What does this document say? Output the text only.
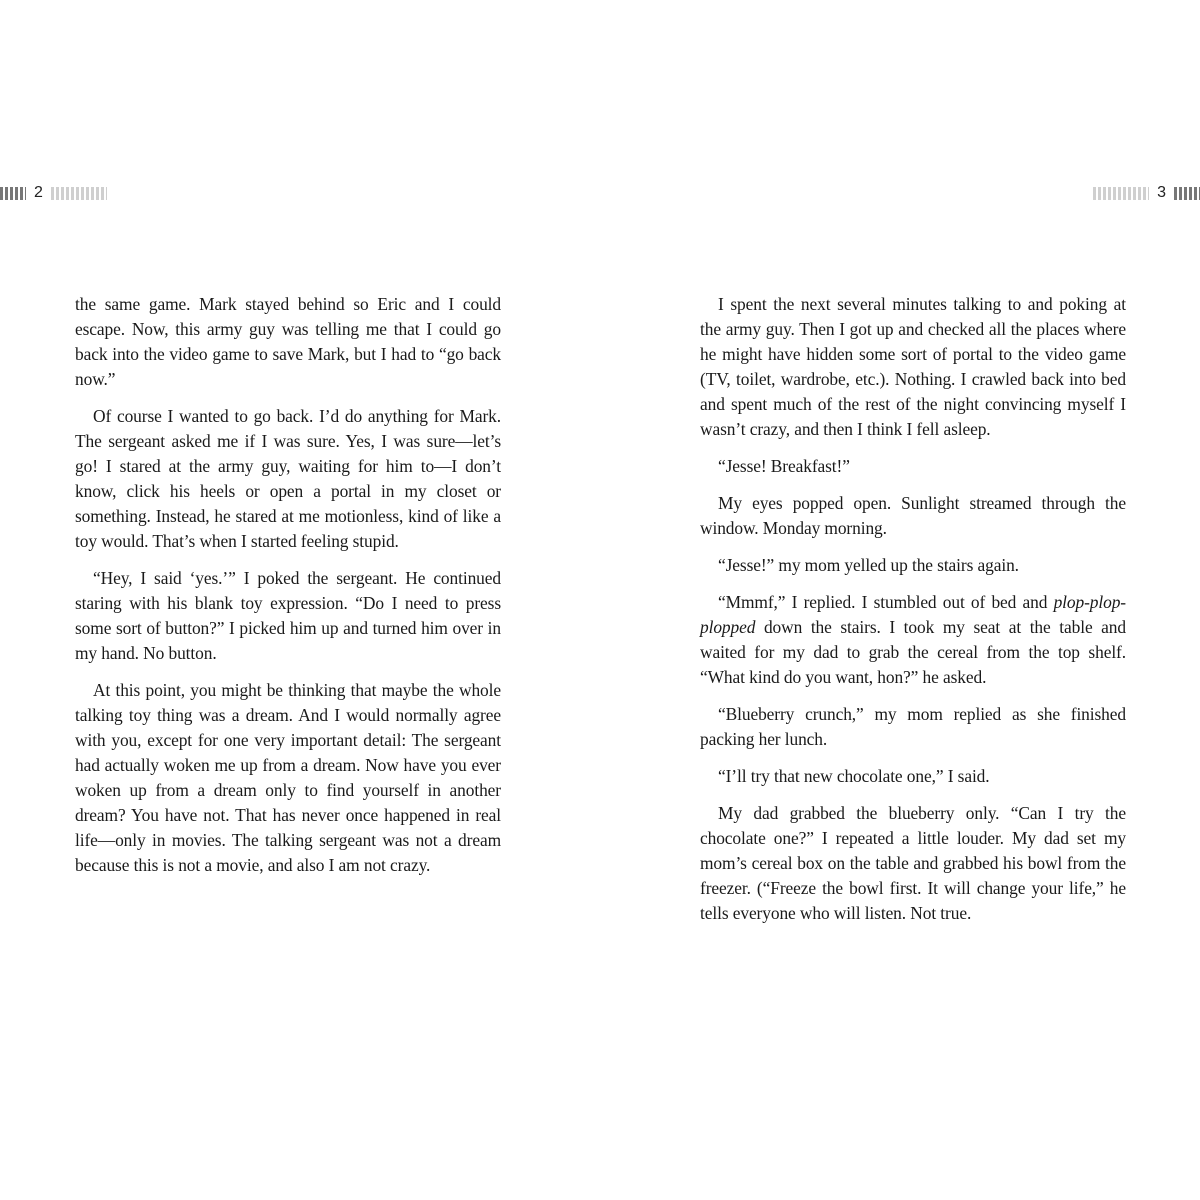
2	3

the same game. Mark stayed behind so Eric and I could escape. Now, this army guy was telling me that I could go back into the video game to save Mark, but I had to “go back now.”

Of course I wanted to go back. I’d do anything for Mark. The sergeant asked me if I was sure. Yes, I was sure—let’s go! I stared at the army guy, waiting for him to—I don’t know, click his heels or open a portal in my closet or something. Instead, he stared at me motionless, kind of like a toy would. That’s when I started feeling stupid.

“Hey, I said ‘yes.’” I poked the sergeant. He continued staring with his blank toy expression. “Do I need to press some sort of button?” I picked him up and turned him over in my hand. No button.

At this point, you might be thinking that maybe the whole talking toy thing was a dream. And I would normally agree with you, except for one very important detail: The sergeant had actually woken me up from a dream. Now have you ever woken up from a dream only to find yourself in another dream? You have not. That has never once happened in real life—only in movies. The talking sergeant was not a dream because this is not a movie, and also I am not crazy.

I spent the next several minutes talking to and poking at the army guy. Then I got up and checked all the places where he might have hidden some sort of portal to the video game (TV, toilet, wardrobe, etc.). Nothing. I crawled back into bed and spent much of the rest of the night convincing myself I wasn’t crazy, and then I think I fell asleep.

“Jesse! Breakfast!”

My eyes popped open. Sunlight streamed through the window. Monday morning.

“Jesse!” my mom yelled up the stairs again.

“Mmmf,” I replied. I stumbled out of bed and plop-plop-plopped down the stairs. I took my seat at the table and waited for my dad to grab the cereal from the top shelf. “What kind do you want, hon?” he asked.

“Blueberry crunch,” my mom replied as she finished packing her lunch.

“I’ll try that new chocolate one,” I said.

My dad grabbed the blueberry only. “Can I try the chocolate one?” I repeated a little louder. My dad set my mom’s cereal box on the table and grabbed his bowl from the freezer. (“Freeze the bowl first. It will change your life,” he tells everyone who will listen. Not true.
